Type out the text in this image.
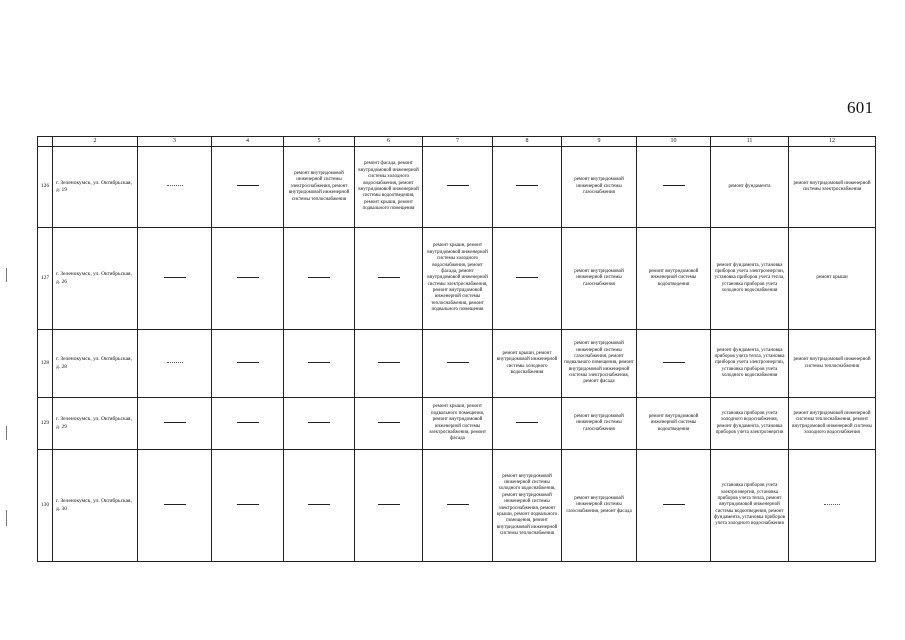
601
	2	3	4	5	6	7	8	9	10	11	12
126	г. Зеленокумск, ул. Октябрьская, д. 19			ремонт внутридомовой инженерной системы электроснабжения, ремонт внутридомовой инженерной системы теплоснабжения	ремонт фасада, ремонт внутридомовой инженерной системы холодного водоснабжения, ремонт внутридомовой инженерной системы водоотведения, ремонт крыши, ремонт подвального помещения			ремонт внутридомовой инженерной системы газоснабжения		ремонт фундамента	ремонт внутридомовой инженерной системы электроснабжения
127	г. Зеленокумск, ул. Октябрьская, д. 26					ремонт крыши, ремонт внутридомовой инженерной системы холодного водоснабжения, ремонт фасада, ремонт внутридомовой инженерной системы электроснабжения, ремонт внутридомовой инженерной системы теплоснабжения, ремонт подвального помещения		ремонт внутридомовой инженерной системы газоснабжения	ремонт внутридомовой инженерной системы водоотведения	ремонт фундамента, установка приборов учета электроэнергии, установка приборов учета тепла, установка приборов учета холодного водоснабжения	ремонт крыши
128	г. Зеленокумск, ул. Октябрьская, д. 28						ремонт крыши, ремонт внутридомовой инженерной системы холодного водоснабжения	ремонт внутридомовой инженерной системы газоснабжения, ремонт подвального помещения, ремонт внутридомовой инженерной системы электроснабжения, ремонт фасада		ремонт фундамента, установка приборов учета тепла, установка приборов учета электроэнергии, установка приборов учета холодного водоснабжения	ремонт внутридомовой инженерной системы теплоснабжения
129	г. Зеленокумск, ул. Октябрьская, д. 29					ремонт крыши, ремонт подвального помещения, ремонт внутридомовой инженерной системы электроснабжения, ремонт фасада		ремонт внутридомовой инженерной системы газоснабжения	ремонт внутридомовой инженерной системы водоотведения	установка приборов учета холодного водоснабжения, ремонт фундамента, установка приборов учета электроэнергии	ремонт внутридомовой инженерной системы теплоснабжения, ремонт внутридомовой инженерной системы холодного водоснабжения
130	г. Зеленокумск, ул. Октябрьская, д. 30						ремонт внутридомовой инженерной системы холодного водоснабжения, ремонт внутридомовой инженерной системы электроснабжения, ремонт крыши, ремонт подвального помещения, ремонт внутридомовой инженерной системы теплоснабжения	ремонт внутридомовой инженерной системы газоснабжения, ремонт фасада		установка приборов учета электроэнергии, установка приборов учета тепла, ремонт внутридомовой инженерной системы водоотведения, ремонт фундамента, установка приборов учета холодного водоснабжения	
